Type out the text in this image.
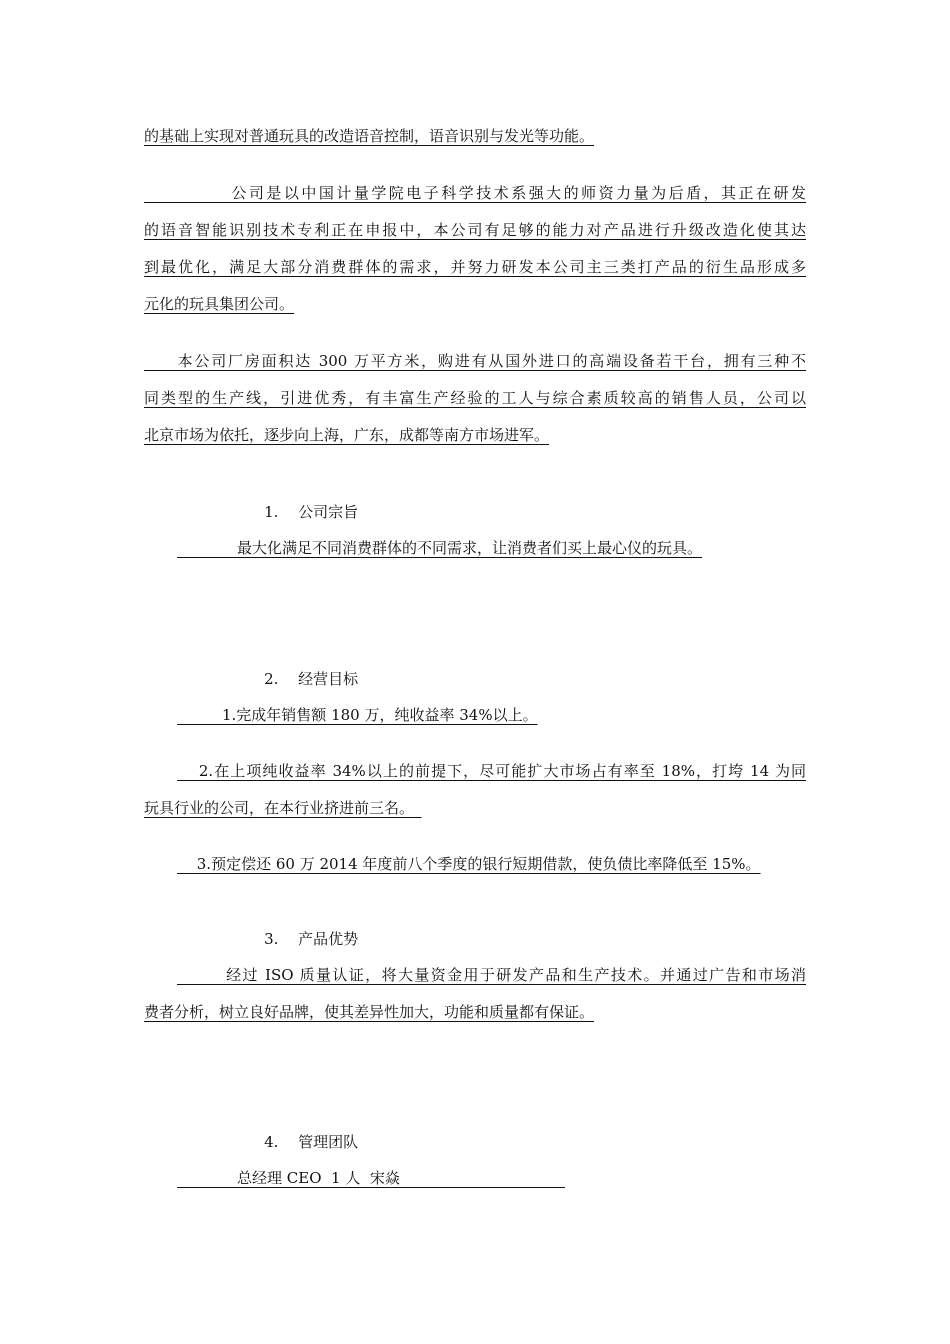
的基础上实现对普通玩具的改造语音控制，语音识别与发光等功能。
　　　　　公司是以中国计量学院电子科学技术系强大的师资力量为后盾，其正在研发
的语音智能识别技术专利正在申报中，本公司有足够的能力对产品进行升级改造化使其达
到最优化，满足大部分消费群体的需求，并努力研发本公司主三类打产品的衍生品形成多
元化的玩具集团公司。
　　本公司厂房面积达 300 万平方米，购进有从国外进口的高端设备若干台，拥有三种不
同类型的生产线，引进优秀，有丰富生产经验的工人与综合素质较高的销售人员，公司以
北京市场为依托，逐步向上海，广东，成都等南方市场进军。

1. 公司宗旨

　　　　最大化满足不同消费群体的不同需求，让消费者们买上最心仪的玩具。

2. 经营目标

　　　1.完成年销售额 180 万，纯收益率 34%以上。
　 2.在上项纯收益率 34%以上的前提下，尽可能扩大市场占有率至 18%，打垮 14 为同
玩具行业的公司，在本行业挤进前三名。　
　 3.预定偿还 60 万 2014 年度前八个季度的银行短期借款，使负债比率降低至 15%。

3. 产品优势

　　　经过 ISO 质量认证，将大量资金用于研发产品和生产技术。并通过广告和市场消
费者分析，树立良好品牌，使其差异性加大，功能和质量都有保证。

4. 管理团队

　　　　总经理 CEO  1 人  宋焱　　　　　　　　　　　
